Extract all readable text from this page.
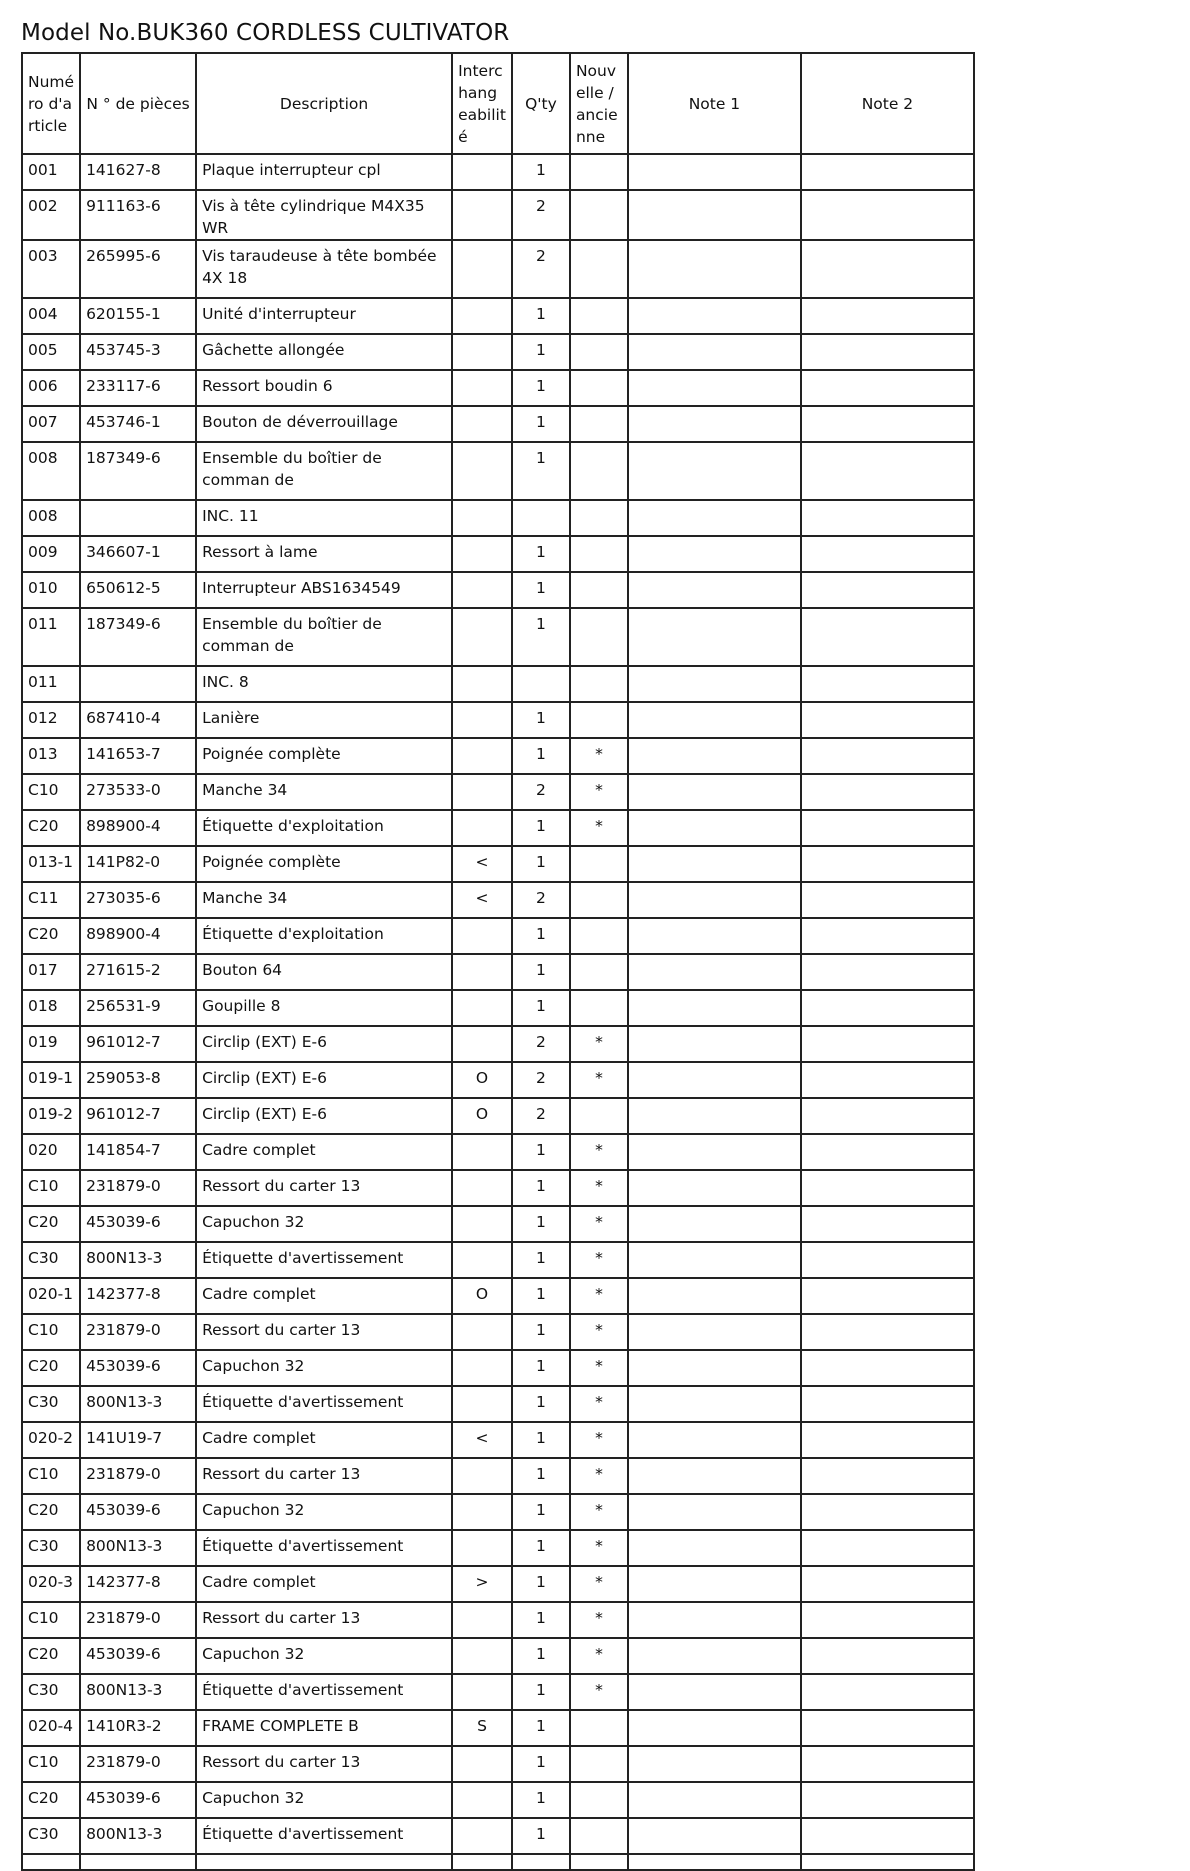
Model No.BUK360 CORDLESS CULTIVATOR
Numé ro d'a rticle	N ° de pièces	Description	Interc hang eabilit é	Q'ty	Nouv elle / ancie nne	Note 1	Note 2
001	141627-8	Plaque interrupteur cpl		1			
002	911163-6	Vis à tête cylindrique M4X35 WR		2			
003	265995-6	Vis taraudeuse à tête bombée 4X 18		2			
004	620155-1	Unité d'interrupteur		1			
005	453745-3	Gâchette allongée		1			
006	233117-6	Ressort boudin 6		1			
007	453746-1	Bouton de déverrouillage		1			
008	187349-6	Ensemble du boîtier de comman de		1			
008		INC. 11					
009	346607-1	Ressort à lame		1			
010	650612-5	Interrupteur ABS1634549		1			
011	187349-6	Ensemble du boîtier de comman de		1			
011		INC. 8					
012	687410-4	Lanière		1			
013	141653-7	Poignée complète		1	*		
C10	273533-0	Manche 34		2	*		
C20	898900-4	Étiquette d'exploitation		1	*		
013-1	141P82-0	Poignée complète	<	1			
C11	273035-6	Manche 34	<	2			
C20	898900-4	Étiquette d'exploitation		1			
017	271615-2	Bouton 64		1			
018	256531-9	Goupille 8		1			
019	961012-7	Circlip (EXT) E-6		2	*		
019-1	259053-8	Circlip (EXT) E-6	O	2	*		
019-2	961012-7	Circlip (EXT) E-6	O	2			
020	141854-7	Cadre complet		1	*		
C10	231879-0	Ressort du carter 13		1	*		
C20	453039-6	Capuchon 32		1	*		
C30	800N13-3	Étiquette d'avertissement		1	*		
020-1	142377-8	Cadre complet	O	1	*		
C10	231879-0	Ressort du carter 13		1	*		
C20	453039-6	Capuchon 32		1	*		
C30	800N13-3	Étiquette d'avertissement		1	*		
020-2	141U19-7	Cadre complet	<	1	*		
C10	231879-0	Ressort du carter 13		1	*		
C20	453039-6	Capuchon 32		1	*		
C30	800N13-3	Étiquette d'avertissement		1	*		
020-3	142377-8	Cadre complet	>	1	*		
C10	231879-0	Ressort du carter 13		1	*		
C20	453039-6	Capuchon 32		1	*		
C30	800N13-3	Étiquette d'avertissement		1	*		
020-4	1410R3-2	FRAME COMPLETE B	S	1			
C10	231879-0	Ressort du carter 13		1			
C20	453039-6	Capuchon 32		1			
C30	800N13-3	Étiquette d'avertissement		1			
